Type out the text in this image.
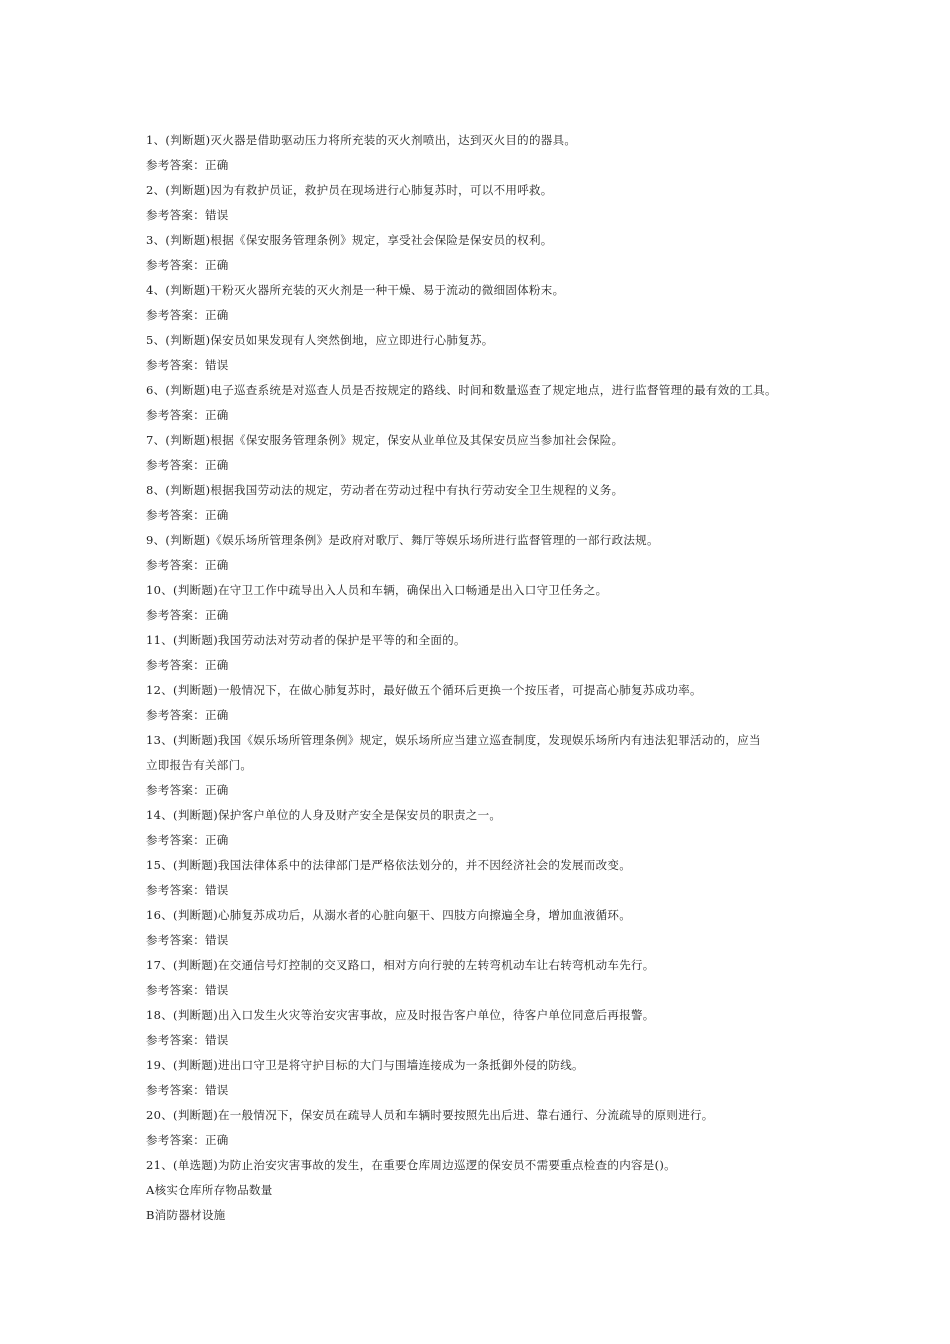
1、(判断题)灭火器是借助驱动压力将所充装的灭火剂喷出，达到灭火目的的器具。
参考答案：正确
2、(判断题)因为有救护员证，救护员在现场进行心肺复苏时，可以不用呼救。
参考答案：错误
3、(判断题)根据《保安服务管理条例》规定，享受社会保险是保安员的权利。
参考答案：正确
4、(判断题)干粉灭火器所充装的灭火剂是一种干燥、易于流动的微细固体粉末。
参考答案：正确
5、(判断题)保安员如果发现有人突然倒地，应立即进行心肺复苏。
参考答案：错误
6、(判断题)电子巡查系统是对巡查人员是否按规定的路线、时间和数量巡查了规定地点，进行监督管理的最有效的工具。
参考答案：正确
7、(判断题)根据《保安服务管理条例》规定，保安从业单位及其保安员应当参加社会保险。
参考答案：正确
8、(判断题)根据我国劳动法的规定，劳动者在劳动过程中有执行劳动安全卫生规程的义务。
参考答案：正确
9、(判断题)《娱乐场所管理条例》是政府对歌厅、舞厅等娱乐场所进行监督管理的一部行政法规。
参考答案：正确
10、(判断题)在守卫工作中疏导出入人员和车辆，确保出入口畅通是出入口守卫任务之。
参考答案：正确
11、(判断题)我国劳动法对劳动者的保护是平等的和全面的。
参考答案：正确
12、(判断题)一般情况下，在做心肺复苏时，最好做五个循环后更换一个按压者，可提高心肺复苏成功率。
参考答案：正确
13、(判断题)我国《娱乐场所管理条例》规定，娱乐场所应当建立巡查制度，发现娱乐场所内有违法犯罪活动的，应当
立即报告有关部门。
参考答案：正确
14、(判断题)保护客户单位的人身及财产安全是保安员的职责之一。
参考答案：正确
15、(判断题)我国法律体系中的法律部门是严格依法划分的，并不因经济社会的发展而改变。
参考答案：错误
16、(判断题)心肺复苏成功后，从溺水者的心脏向躯干、四肢方向擦遍全身，增加血液循环。
参考答案：错误
17、(判断题)在交通信号灯控制的交叉路口，相对方向行驶的左转弯机动车让右转弯机动车先行。
参考答案：错误
18、(判断题)出入口发生火灾等治安灾害事故，应及时报告客户单位，待客户单位同意后再报警。
参考答案：错误
19、(判断题)进出口守卫是将守护目标的大门与围墙连接成为一条抵御外侵的防线。
参考答案：错误
20、(判断题)在一般情况下，保安员在疏导人员和车辆时要按照先出后进、靠右通行、分流疏导的原则进行。
参考答案：正确
21、(单选题)为防止治安灾害事故的发生，在重要仓库周边巡逻的保安员不需要重点检查的内容是()。
A核实仓库所存物品数量
B消防器材设施
